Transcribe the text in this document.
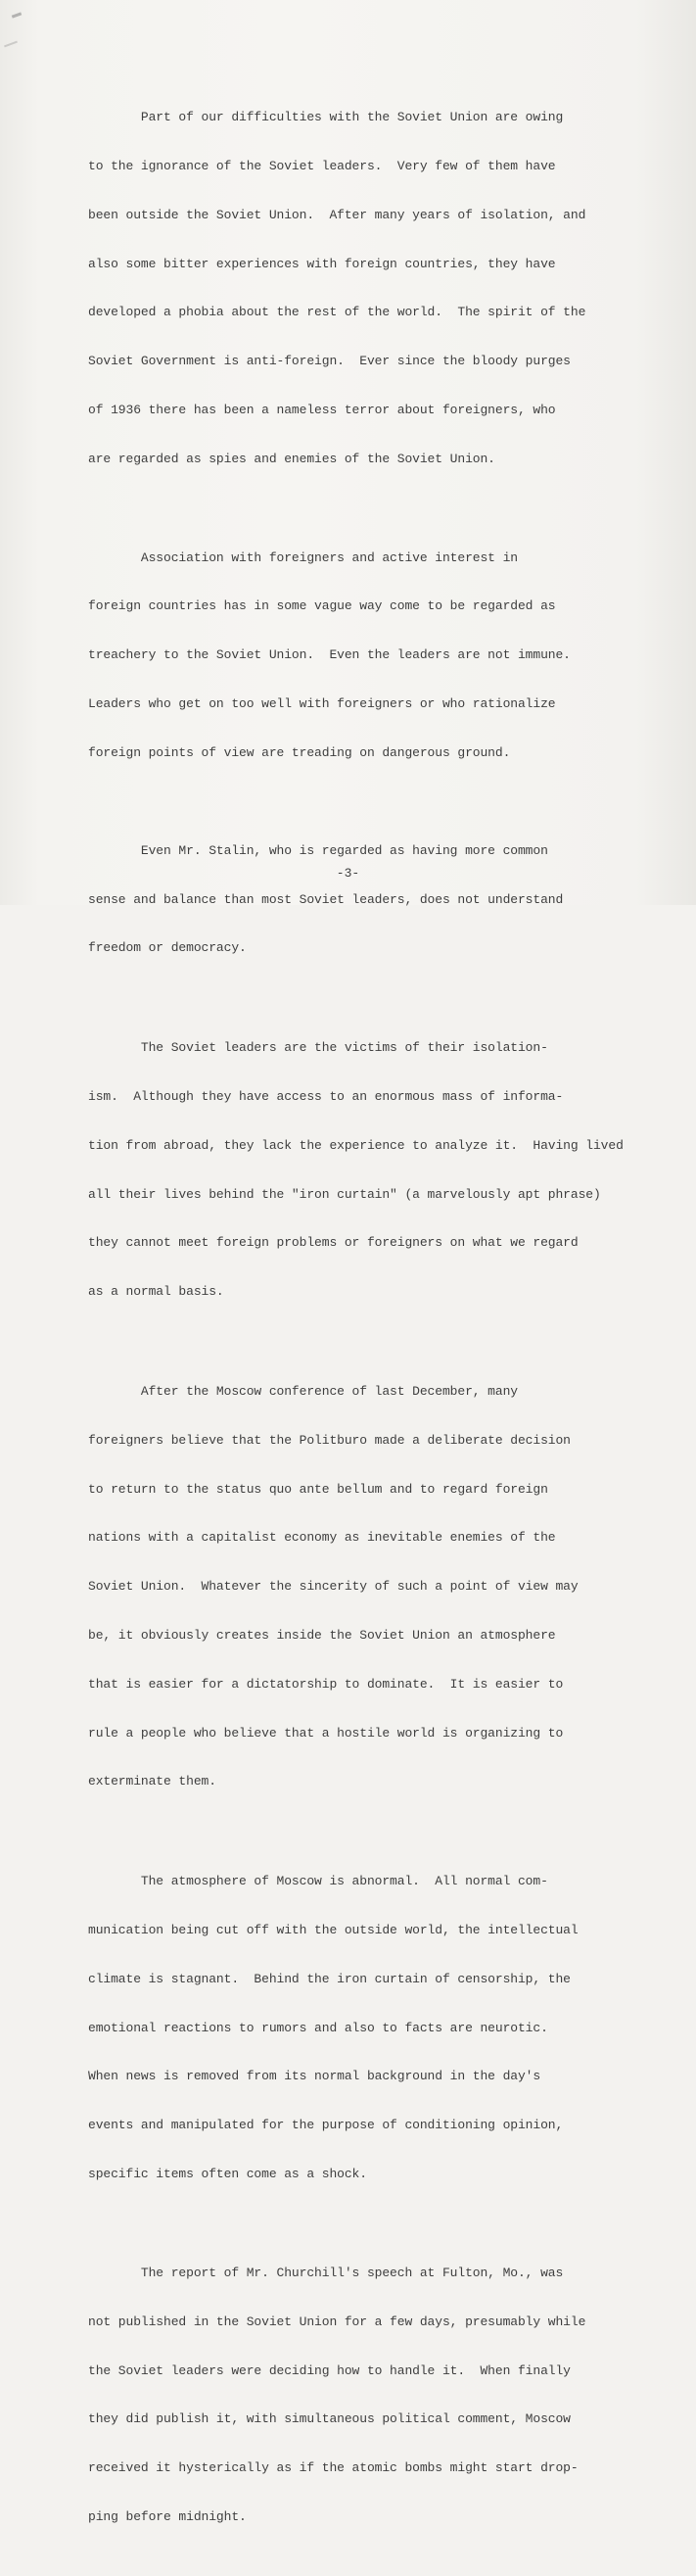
Part of our difficulties with the Soviet Union are owing

to the ignorance of the Soviet leaders.  Very few of them have

been outside the Soviet Union.  After many years of isolation, and

also some bitter experiences with foreign countries, they have

developed a phobia about the rest of the world.  The spirit of the

Soviet Government is anti-foreign.  Ever since the bloody purges

of 1936 there has been a nameless terror about foreigners, who

are regarded as spies and enemies of the Soviet Union.

Association with foreigners and active interest in

foreign countries has in some vague way come to be regarded as

treachery to the Soviet Union.  Even the leaders are not immune.

Leaders who get on too well with foreigners or who rationalize

foreign points of view are treading on dangerous ground.

Even Mr. Stalin, who is regarded as having more common

sense and balance than most Soviet leaders, does not understand

freedom or democracy.

The Soviet leaders are the victims of their isolation-

ism.  Although they have access to an enormous mass of informa-

tion from abroad, they lack the experience to analyze it.  Having lived

all their lives behind the "iron curtain" (a marvelously apt phrase)

they cannot meet foreign problems or foreigners on what we regard

as a normal basis.

After the Moscow conference of last December, many

foreigners believe that the Politburo made a deliberate decision

to return to the status quo ante bellum and to regard foreign

nations with a capitalist economy as inevitable enemies of the

Soviet Union.  Whatever the sincerity of such a point of view may

be, it obviously creates inside the Soviet Union an atmosphere

that is easier for a dictatorship to dominate.  It is easier to

rule a people who believe that a hostile world is organizing to

exterminate them.

The atmosphere of Moscow is abnormal.  All normal com-

munication being cut off with the outside world, the intellectual

climate is stagnant.  Behind the iron curtain of censorship, the

emotional reactions to rumors and also to facts are neurotic.

When news is removed from its normal background in the day's

events and manipulated for the purpose of conditioning opinion,

specific items often come as a shock.

The report of Mr. Churchill's speech at Fulton, Mo., was

not published in the Soviet Union for a few days, presumably while

the Soviet leaders were deciding how to handle it.  When finally

they did publish it, with simultaneous political comment, Moscow

received it hysterically as if the atomic bombs might start drop-

ping before midnight.

-3-
